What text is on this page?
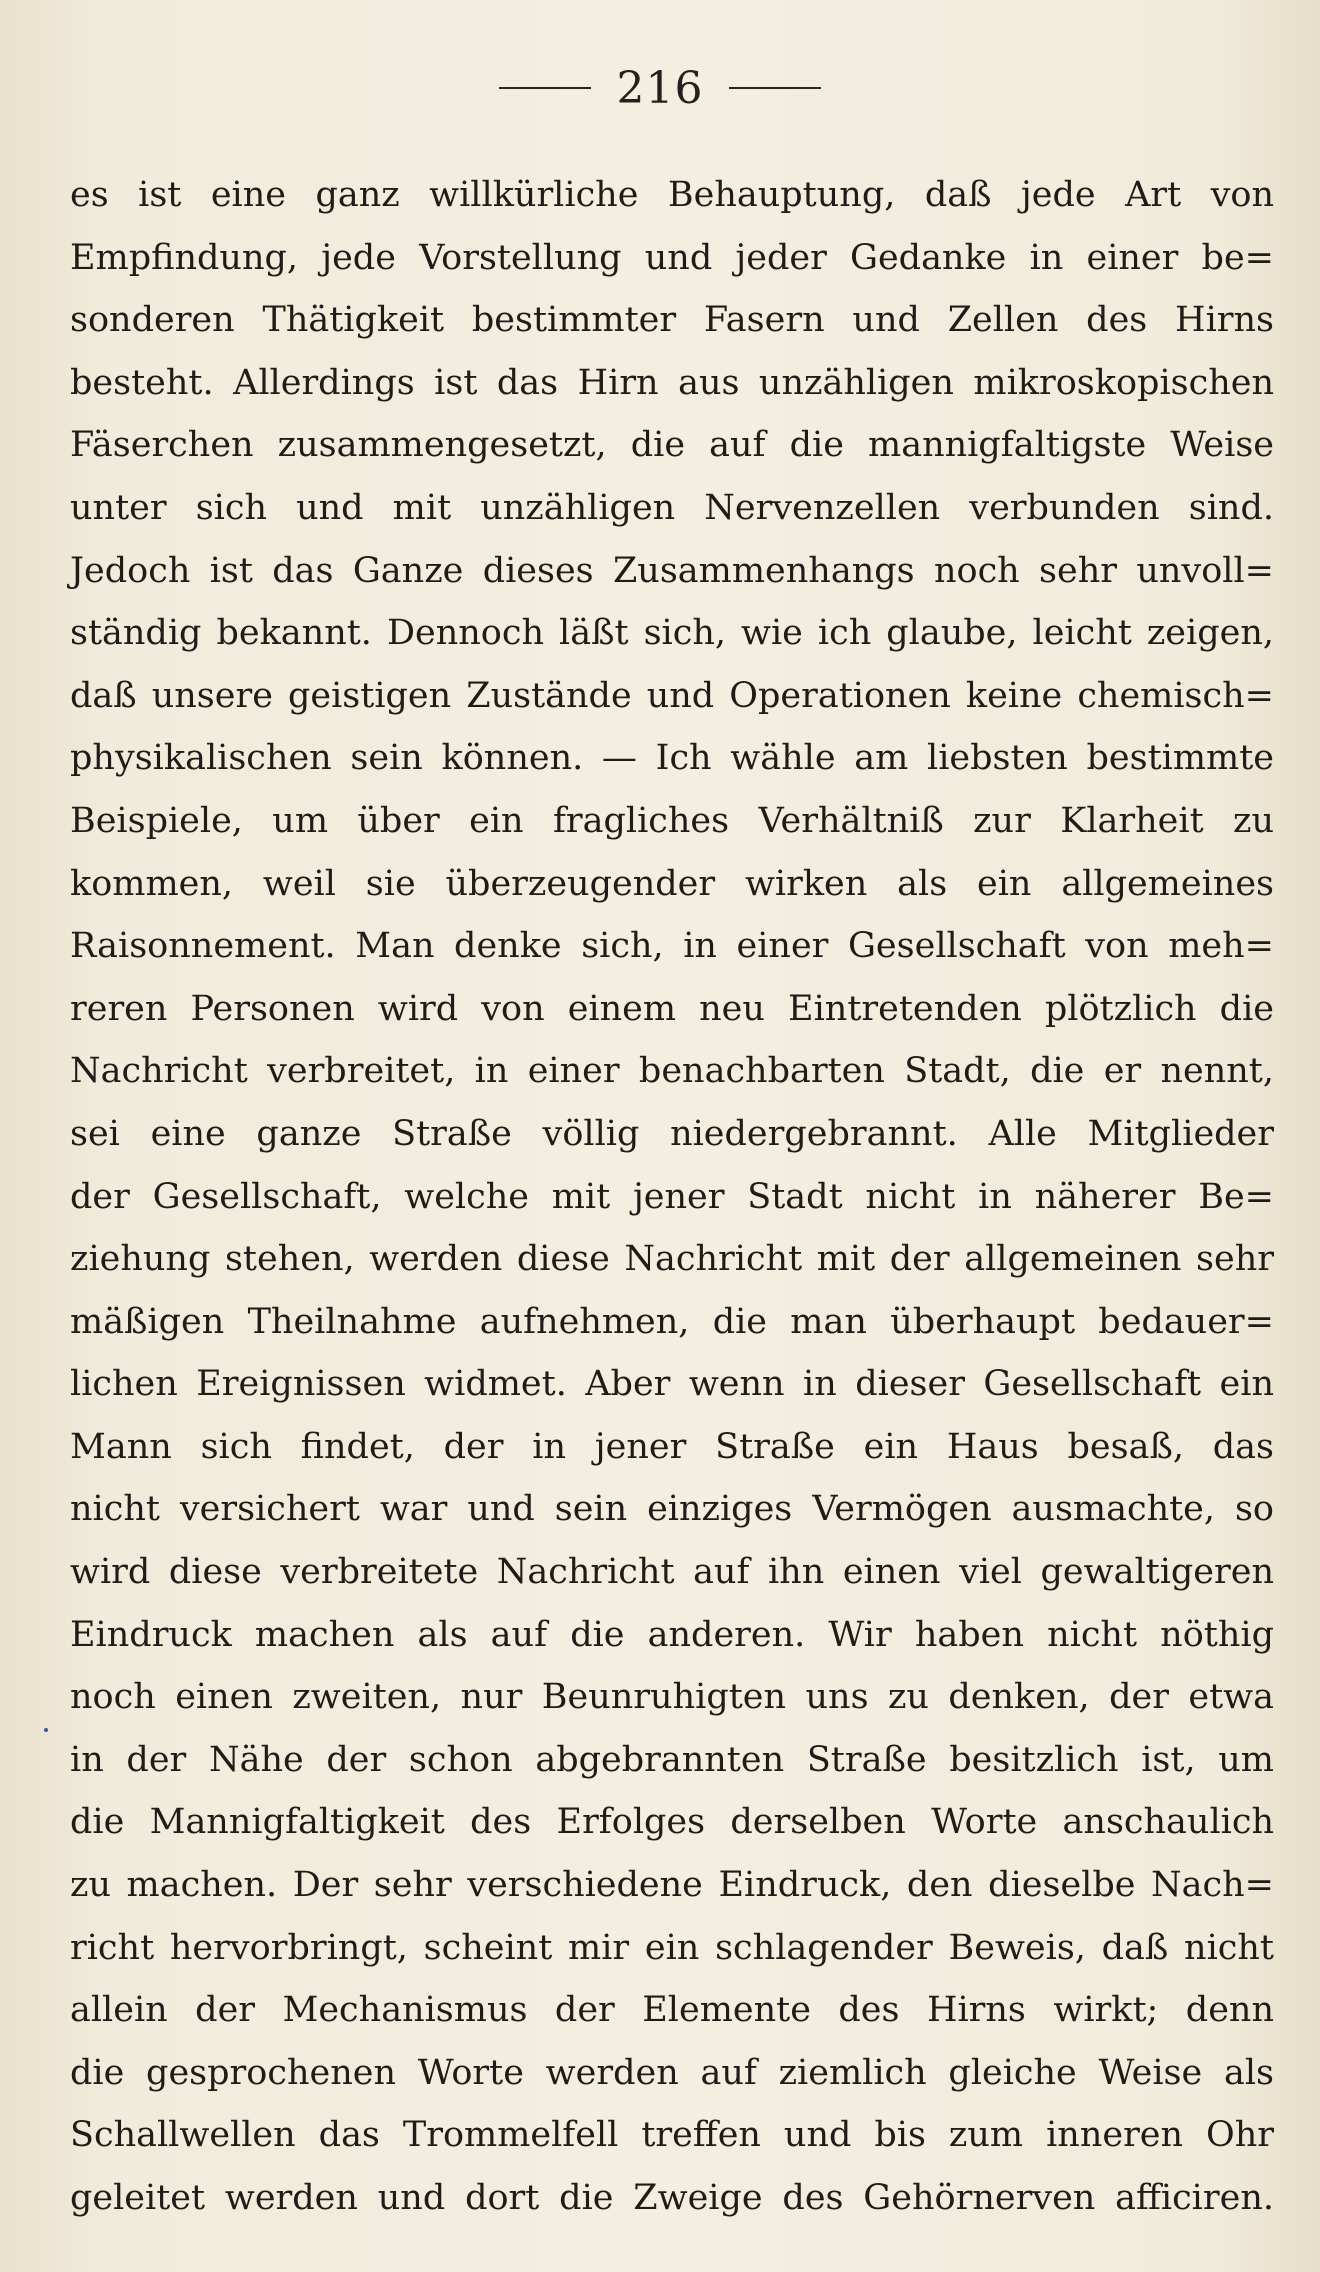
216
es ist eine ganz willkürliche Behauptung, daß jede Art von
Empfindung, jede Vorstellung und jeder Gedanke in einer be=
sonderen Thätigkeit bestimmter Fasern und Zellen des Hirns
besteht. Allerdings ist das Hirn aus unzähligen mikroskopischen
Fäserchen zusammengesetzt, die auf die mannigfaltigste Weise
unter sich und mit unzähligen Nervenzellen verbunden sind.
Jedoch ist das Ganze dieses Zusammenhangs noch sehr unvoll=
ständig bekannt. Dennoch läßt sich, wie ich glaube, leicht zeigen,
daß unsere geistigen Zustände und Operationen keine chemisch=
physikalischen sein können. — Ich wähle am liebsten bestimmte
Beispiele, um über ein fragliches Verhältniß zur Klarheit zu
kommen, weil sie überzeugender wirken als ein allgemeines
Raisonnement. Man denke sich, in einer Gesellschaft von meh=
reren Personen wird von einem neu Eintretenden plötzlich die
Nachricht verbreitet, in einer benachbarten Stadt, die er nennt,
sei eine ganze Straße völlig niedergebrannt. Alle Mitglieder
der Gesellschaft, welche mit jener Stadt nicht in näherer Be=
ziehung stehen, werden diese Nachricht mit der allgemeinen sehr
mäßigen Theilnahme aufnehmen, die man überhaupt bedauer=
lichen Ereignissen widmet. Aber wenn in dieser Gesellschaft ein
Mann sich findet, der in jener Straße ein Haus besaß, das
nicht versichert war und sein einziges Vermögen ausmachte, so
wird diese verbreitete Nachricht auf ihn einen viel gewaltigeren
Eindruck machen als auf die anderen. Wir haben nicht nöthig
noch einen zweiten, nur Beunruhigten uns zu denken, der etwa
in der Nähe der schon abgebrannten Straße besitzlich ist, um
die Mannigfaltigkeit des Erfolges derselben Worte anschaulich
zu machen. Der sehr verschiedene Eindruck, den dieselbe Nach=
richt hervorbringt, scheint mir ein schlagender Beweis, daß nicht
allein der Mechanismus der Elemente des Hirns wirkt; denn
die gesprochenen Worte werden auf ziemlich gleiche Weise als
Schallwellen das Trommelfell treffen und bis zum inneren Ohr
geleitet werden und dort die Zweige des Gehörnerven afficiren.
